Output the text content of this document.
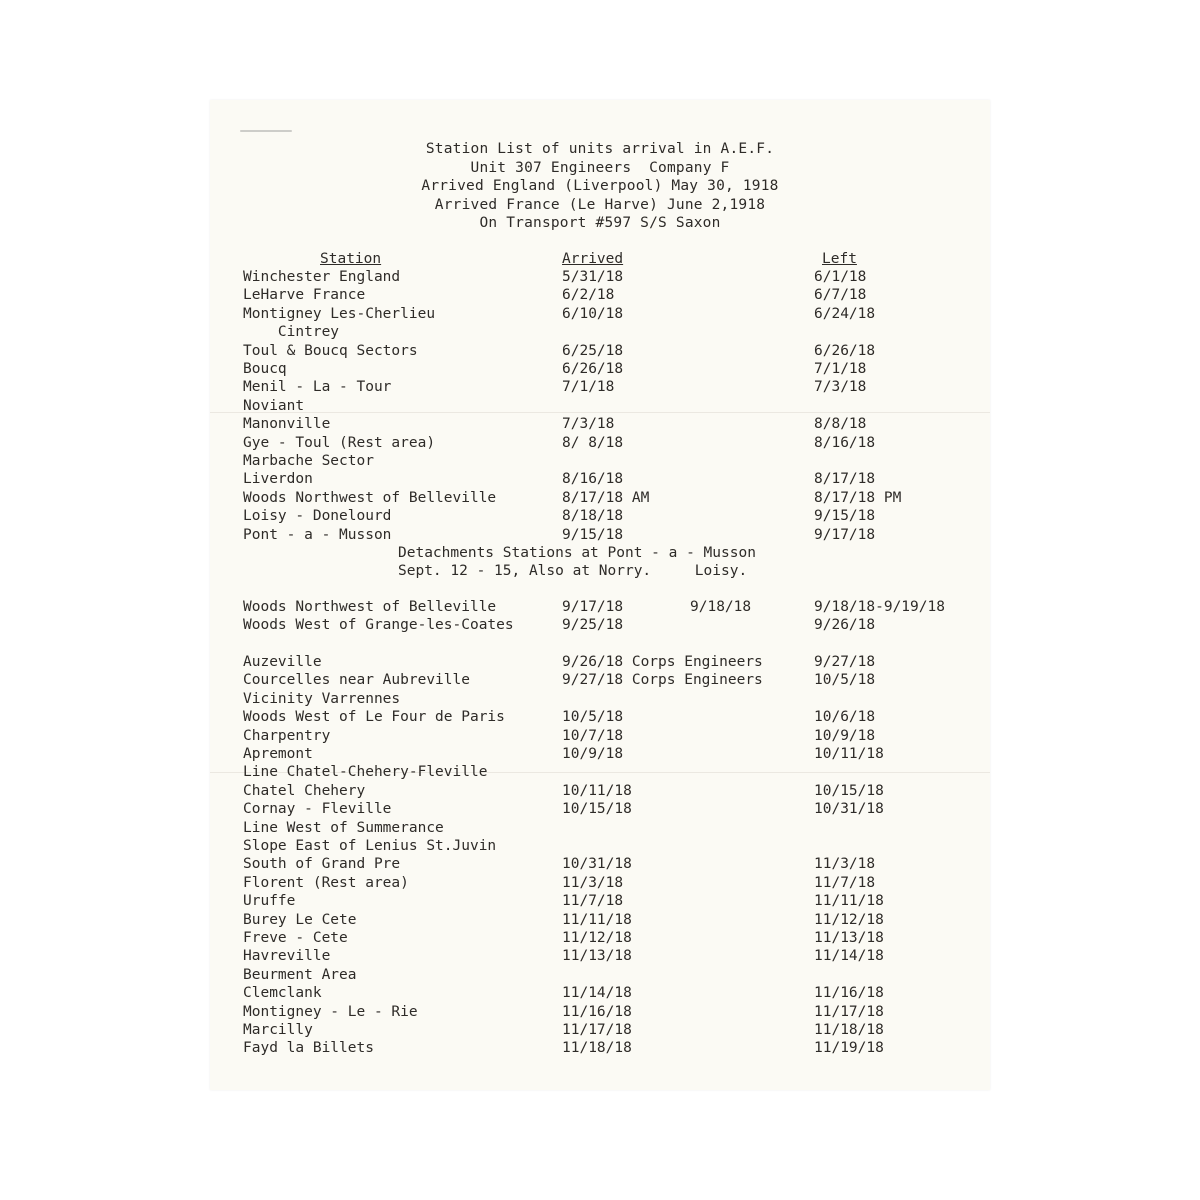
Station List of units arrival in A.E.F.
Unit 307 Engineers  Company F
Arrived England (Liverpool) May 30, 1918
Arrived France (Le Harve) June 2,1918
On Transport #597 S/S Saxon
Station	Arrived	Left
Winchester England	5/31/18	6/1/18
LeHarve France	6/2/18	6/7/18
Montigney Les-Cherlieu	6/10/18	6/24/18
Cintrey
Toul & Boucq Sectors	6/25/18	6/26/18
Boucq	6/26/18	7/1/18
Menil - La - Tour	7/1/18	7/3/18
Noviant
Manonville	7/3/18	8/8/18
Gye - Toul (Rest area)	8/ 8/18	8/16/18
Marbache Sector
Liverdon	8/16/18	8/17/18
Woods Northwest of Belleville	8/17/18 AM	8/17/18 PM
Loisy - Donelourd	8/18/18	9/15/18
Pont - a - Musson	9/15/18	9/17/18
Detachments Stations at Pont - a - Musson
Sept. 12 - 15, Also at Norry.     Loisy.
Woods Northwest of Belleville	9/17/18	9/18/18	9/18/18-9/19/18
Woods West of Grange-les-Coates	9/25/18	9/26/18
Auzeville	9/26/18 Corps Engineers	9/27/18
Courcelles near Aubreville	9/27/18 Corps Engineers	10/5/18
Vicinity Varrennes
Woods West of Le Four de Paris	10/5/18	10/6/18
Charpentry	10/7/18	10/9/18
Apremont	10/9/18	10/11/18
Line Chatel-Chehery-Fleville
Chatel Chehery	10/11/18	10/15/18
Cornay - Fleville	10/15/18	10/31/18
Line West of Summerance
Slope East of Lenius St.Juvin
South of Grand Pre	10/31/18	11/3/18
Florent (Rest area)	11/3/18	11/7/18
Uruffe	11/7/18	11/11/18
Burey Le Cete	11/11/18	11/12/18
Freve - Cete	11/12/18	11/13/18
Havreville	11/13/18	11/14/18
Beurment Area
Clemclank	11/14/18	11/16/18
Montigney - Le - Rie	11/16/18	11/17/18
Marcilly	11/17/18	11/18/18
Fayd la Billets	11/18/18	11/19/18
